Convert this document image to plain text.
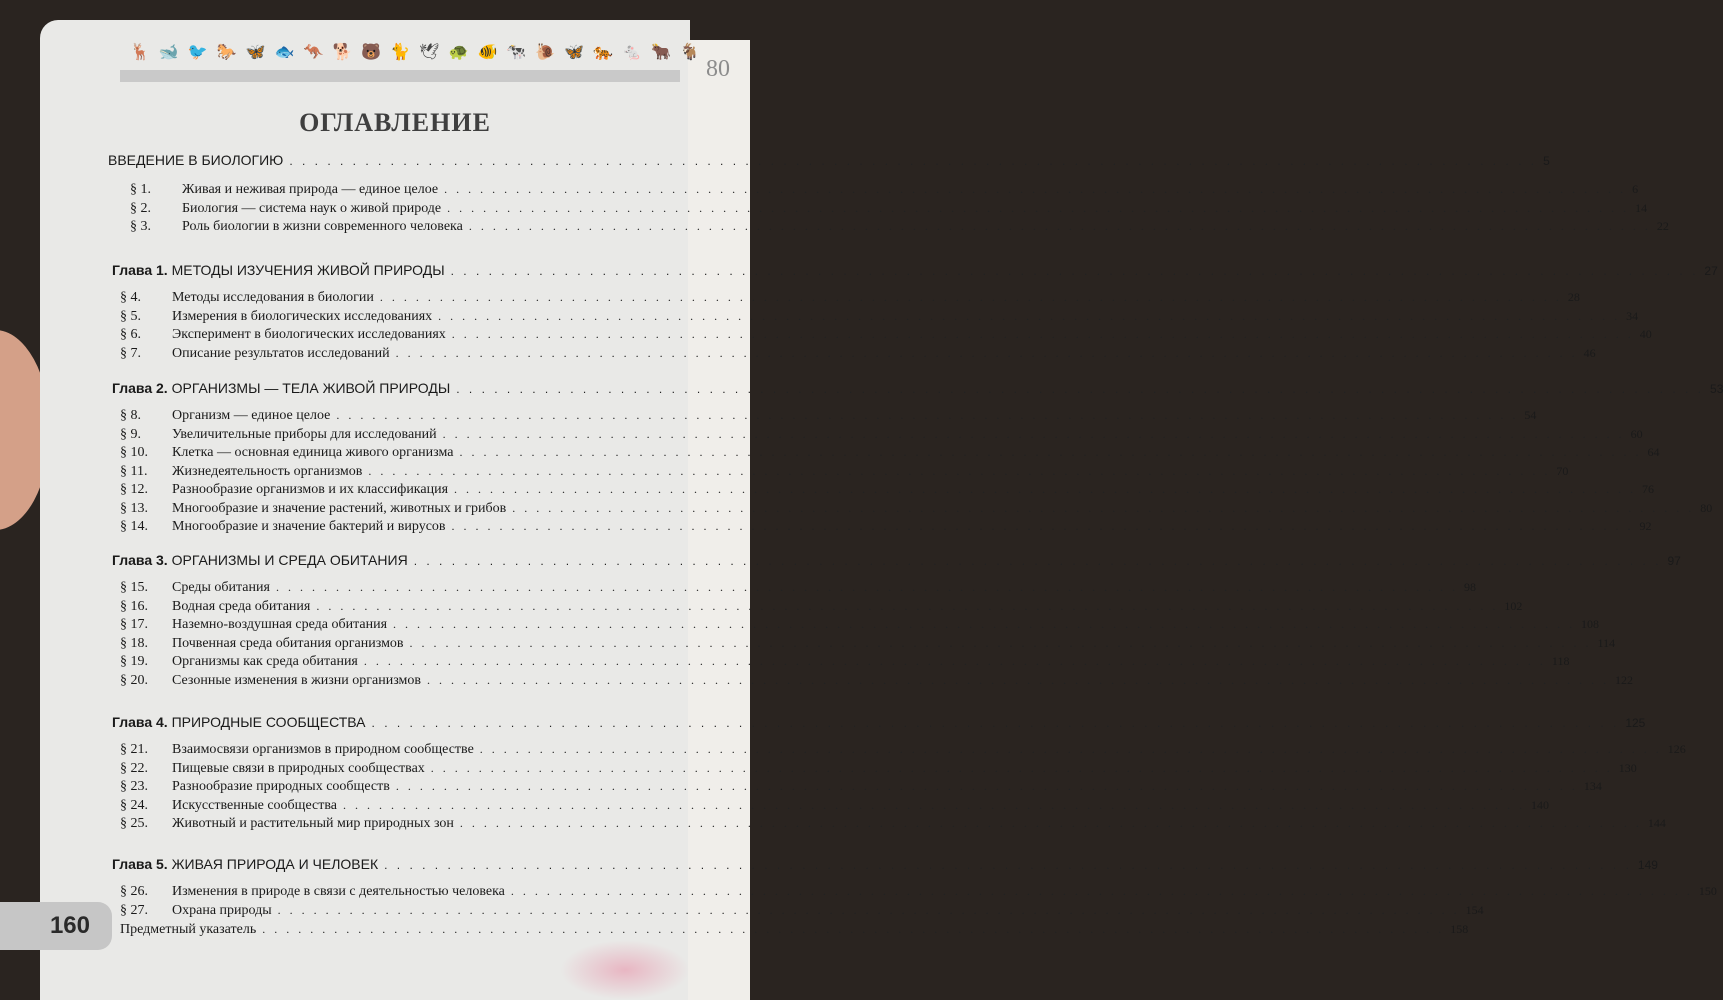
80
🦌 🐋 🐦 🐎 🦋 🐟 🦘 🐕 🐻 🐈 🕊 🐢 🐠 🐄 🐌 🦋 🐅 🐁 🐂 🐐
ОГЛАВЛЕНИЕ
ВВЕДЕНИЕ В БИОЛОГИЮ . . .	5
§ 1. Живая и неживая природа — единое целое . . .	6
§ 2. Биология — система наук о живой природе . . .	14
§ 3. Роль биологии в жизни современного человека . . .	22
Глава 1. МЕТОДЫ ИЗУЧЕНИЯ ЖИВОЙ ПРИРОДЫ . . .	27
§ 4. Методы исследования в биологии . . .	28
§ 5. Измерения в биологических исследованиях . . .	34
§ 6. Эксперимент в биологических исследованиях . . .	40
§ 7. Описание результатов исследований . . .	46
Глава 2. ОРГАНИЗМЫ — ТЕЛА ЖИВОЙ ПРИРОДЫ . . .	53
§ 8. Организм — единое целое . . .	54
§ 9. Увеличительные приборы для исследований . . .	60
§ 10. Клетка — основная единица живого организма . . .	64
§ 11. Жизнедеятельность организмов . . .	70
§ 12. Разнообразие организмов и их классификация . . .	76
§ 13. Многообразие и значение растений, животных и грибов . . .	80
§ 14. Многообразие и значение бактерий и вирусов . . .	92
Глава 3. ОРГАНИЗМЫ И СРЕДА ОБИТАНИЯ . . .	97
§ 15. Среды обитания . . .	98
§ 16. Водная среда обитания . . .	102
§ 17. Наземно-воздушная среда обитания . . .	108
§ 18. Почвенная среда обитания организмов . . .	114
§ 19. Организмы как среда обитания . . .	118
§ 20. Сезонные изменения в жизни организмов . . .	122
Глава 4. ПРИРОДНЫЕ СООБЩЕСТВА . . .	125
§ 21. Взаимосвязи организмов в природном сообществе . . .	126
§ 22. Пищевые связи в природных сообществах . . .	130
§ 23. Разнообразие природных сообществ . . .	134
§ 24. Искусственные сообщества . . .	140
§ 25. Животный и растительный мир природных зон . . .	144
Глава 5. ЖИВАЯ ПРИРОДА И ЧЕЛОВЕК . . .	149
§ 26. Изменения в природе в связи с деятельностью человека . . .	150
§ 27. Охрана природы . . .	154
Предметный указатель . . .	158
160
